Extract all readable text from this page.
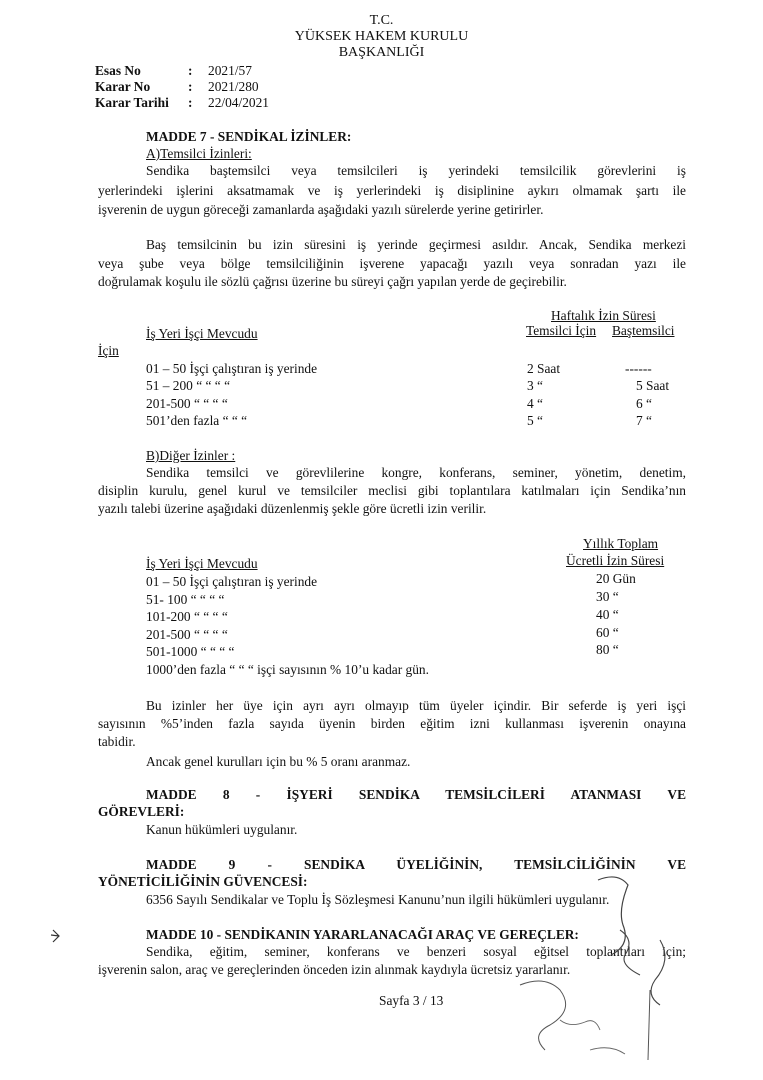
T.C.
YÜKSEK HAKEM KURULU
BAŞKANLIĞI
Esas No	: 2021/57
Karar No	: 2021/280
Karar Tarihi : 22/04/2021
MADDE 7 - SENDİKAL İZİNLER:
A)Temsilci İzinleri:
Sendika baştemsilci veya temsilcileri iş yerindeki temsilcilik görevlerini iş
yerlerindeki işlerini aksatmamak ve iş yerlerindeki iş disiplinine aykırı olmamak şartı ile
işverenin de uygun göreceği zamanlarda aşağıdaki yazılı sürelerde yerine getirirler.
Baş temsilcinin bu izin süresini iş yerinde geçirmesi asıldır. Ancak, Sendika merkezi
veya şube veya bölge temsilciliğinin işverene yapacağı yazılı veya sonradan yazı ile
doğrulamak koşulu ile sözlü çağrısı üzerine bu süreyi çağrı yapılan yerde de geçirebilir.
Haftalık İzin Süresi
İş Yeri İşçi Mevcudu	Temsilci İçin Baştemsilci
İçin
01 – 50 İşçi çalıştıran iş yerinde	2 Saat	------
51 – 200 “ “ “ “	3 “	5 Saat
201-500 “ “ “ “	4 “	6 “
501’den fazla “ “ “	5 “	7 “
B)Diğer İzinler :
Sendika temsilci ve görevlilerine kongre, konferans, seminer, yönetim, denetim,
disiplin kurulu, genel kurul ve temsilciler meclisi gibi toplantılara katılmaları için Sendika’nın
yazılı talebi üzerine aşağıdaki düzenlenmiş şekle göre ücretli izin verilir.
Yıllık Toplam
Ücretli İzin Süresi
İş Yeri İşçi Mevcudu
01 – 50 İşçi çalıştıran iş yerinde	20 Gün
51- 100 “ “ “ “	30 “
101-200 “ “ “ “	40 “
201-500 “ “ “ “	60 “
501-1000 “ “ “ “	80 “
1000’den fazla “ “ “ işçi sayısının % 10’u kadar gün.
Bu izinler her üye için ayrı ayrı olmayıp tüm üyeler içindir. Bir seferde iş yeri işçi
sayısının %5’inden fazla sayıda üyenin birden eğitim izni kullanması işverenin onayına
tabidir.
Ancak genel kurulları için bu % 5 oranı aranmaz.
MADDE 8 - İŞYERİ SENDİKA TEMSİLCİLERİ ATANMASI VE
GÖREVLERİ:
Kanun hükümleri uygulanır.
MADDE 9 - SENDİKA ÜYELİĞİNİN, TEMSİLCİLİĞİNİN VE
YÖNETİCİLİĞİNİN GÜVENCESİ:
6356 Sayılı Sendikalar ve Toplu İş Sözleşmesi Kanunu’nun ilgili hükümleri uygulanır.
MADDE 10 - SENDİKANIN YARARLANACAĞI ARAÇ VE GEREÇLER:
Sendika, eğitim, seminer, konferans ve benzeri sosyal eğitsel toplantıları için;
işverenin salon, araç ve gereçlerinden önceden izin alınmak kaydıyla ücretsiz yararlanır.
Sayfa 3 / 13
